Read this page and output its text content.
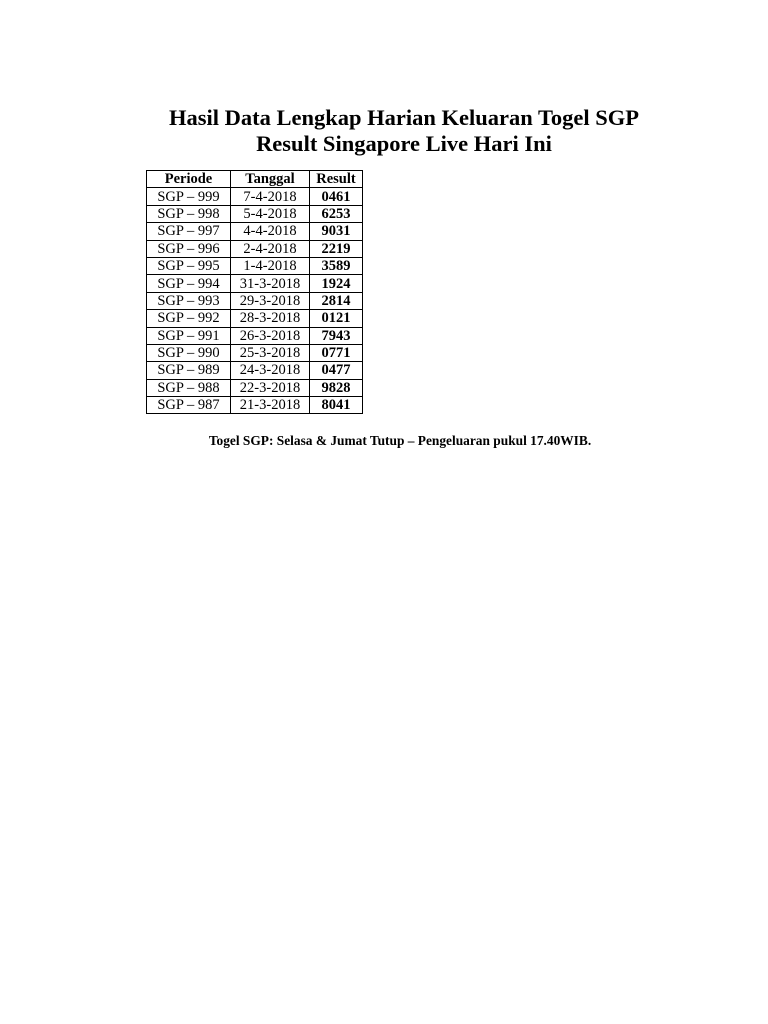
Hasil Data Lengkap Harian Keluaran Togel SGP
Result Singapore Live Hari Ini
Periode	Tanggal	Result
SGP – 999	7-4-2018	0461
SGP – 998	5-4-2018	6253
SGP – 997	4-4-2018	9031
SGP – 996	2-4-2018	2219
SGP – 995	1-4-2018	3589
SGP – 994	31-3-2018	1924
SGP – 993	29-3-2018	2814
SGP – 992	28-3-2018	0121
SGP – 991	26-3-2018	7943
SGP – 990	25-3-2018	0771
SGP – 989	24-3-2018	0477
SGP – 988	22-3-2018	9828
SGP – 987	21-3-2018	8041

Togel SGP: Selasa & Jumat Tutup – Pengeluaran pukul 17.40WIB.
